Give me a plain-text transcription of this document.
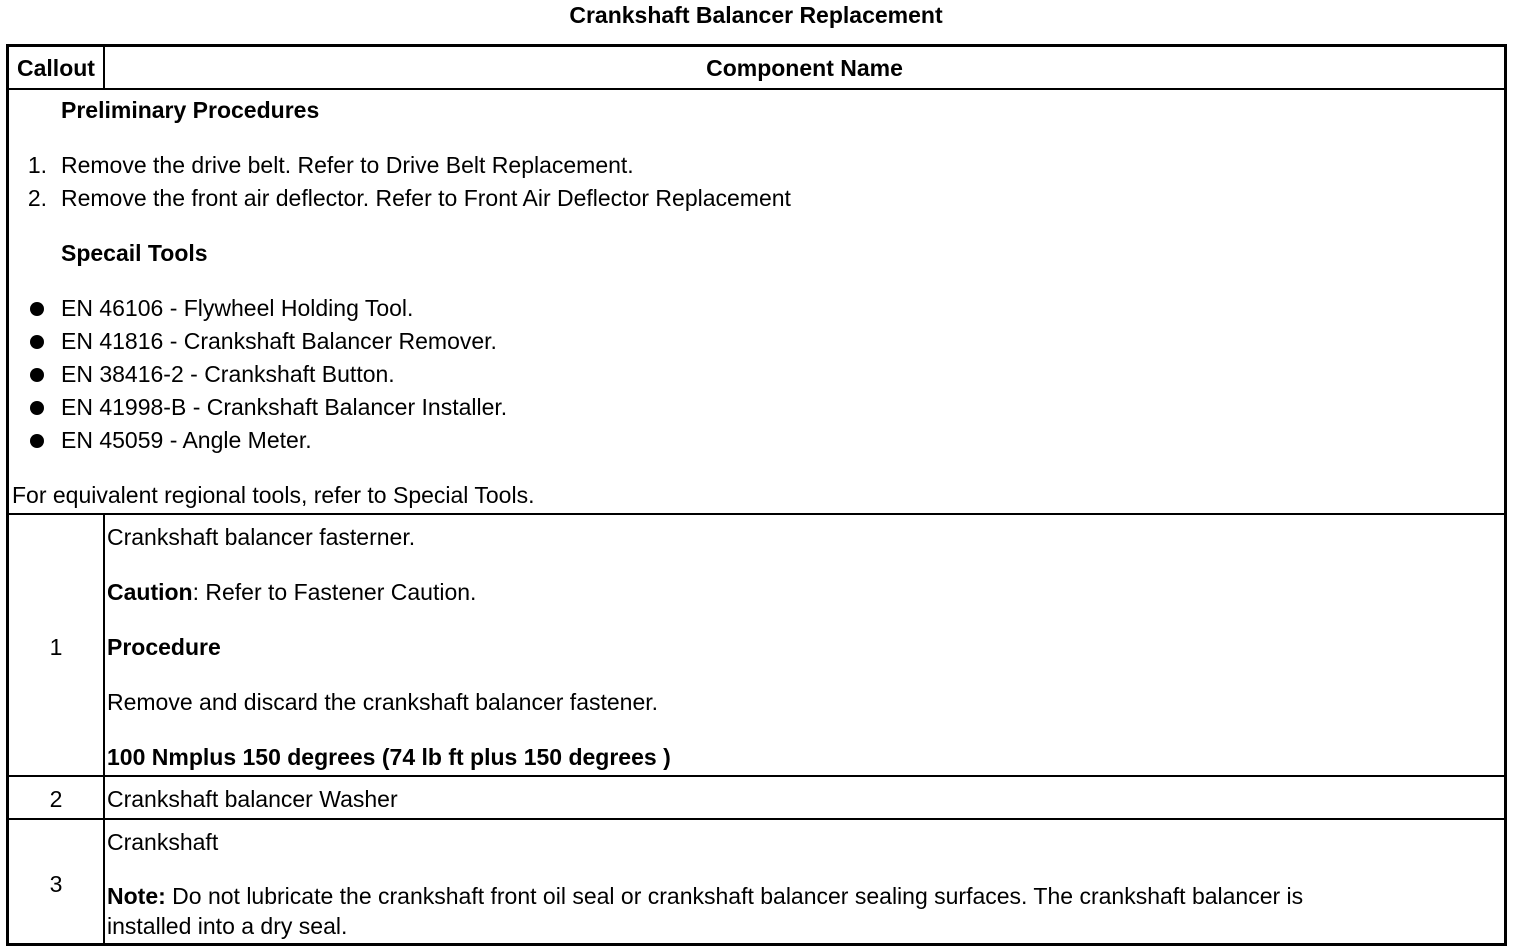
Crankshaft Balancer Replacement
Callout	Component Name
Preliminary Procedures
1. Remove the drive belt. Refer to Drive Belt Replacement.
2. Remove the front air deflector. Refer to Front Air Deflector Replacement
Specail Tools
EN 46106 - Flywheel Holding Tool.
EN 41816 - Crankshaft Balancer Remover.
EN 38416-2 - Crankshaft Button.
EN 41998-B - Crankshaft Balancer Installer.
EN 45059 - Angle Meter.
For equivalent regional tools, refer to Special Tools.
1
Crankshaft balancer fasterner.
Caution: Refer to Fastener Caution.
Procedure
Remove and discard the crankshaft balancer fastener.
100 Nmplus 150 degrees (74 lb ft plus 150 degrees )
2	Crankshaft balancer Washer
3
Crankshaft
Note: Do not lubricate the crankshaft front oil seal or crankshaft balancer sealing surfaces. The crankshaft balancer is
installed into a dry seal.
